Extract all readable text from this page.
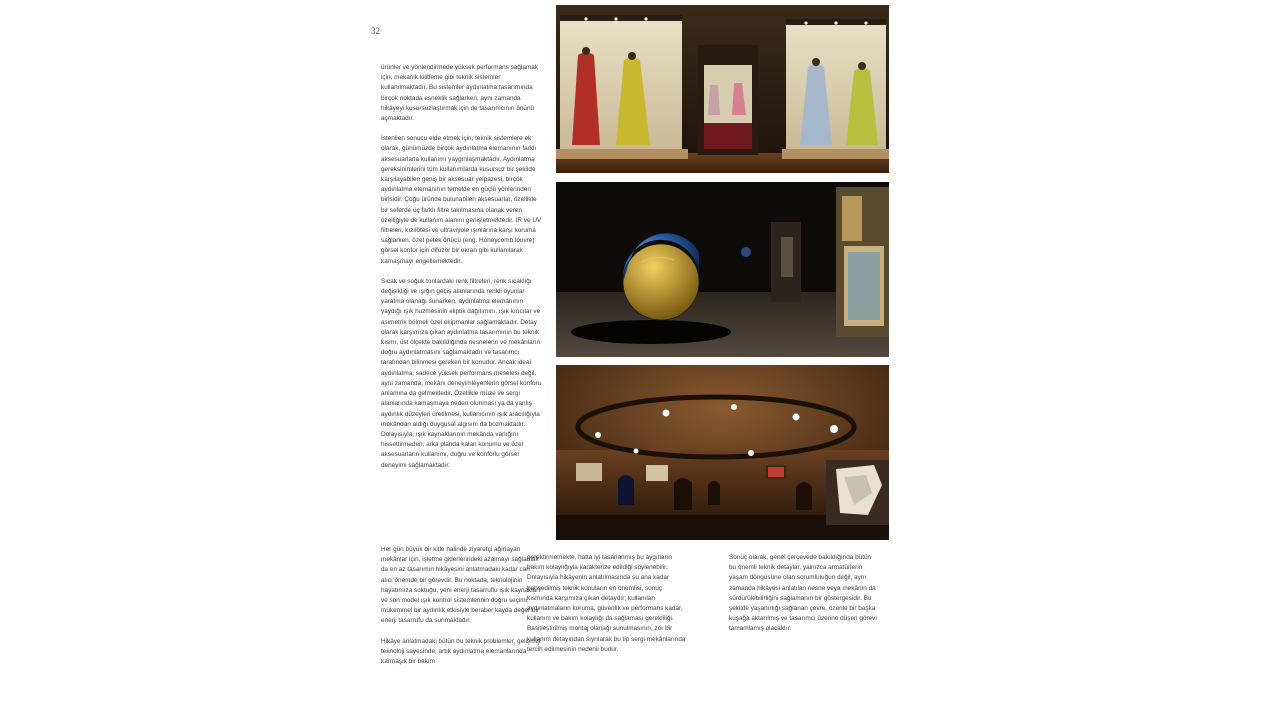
32

ürünler ve yönlendirmede yüksek performans sağlamak için, mekanik kilitleme gibi teknik sistemler kullanılmaktadır. Bu sistemler aydınlatma tasarımında birçok noktada esneklik sağlarken, aynı zamanda hikâyeyi kusursuzlaştırmak için de tasarımcının önünü açmaktadır.

İstenilen sonucu elde etmek için, teknik sistemlere ek olarak, günümüzde birçok aydınlatma elemanının farklı aksesuarlarla kullanımı yaygınlaşmaktadır. Aydınlatma gereksinimlerini tüm kullanımlarda kusursuz bir şekilde karşılayabilen geniş bir aksesuar yelpazesi, birçok aydınlatma elemanının temelde en güçlü yönlerinden birisidir. Çoğu üründe bulunabilen aksesuarlar, özellikle bir seferde üç farklı filtre takılmasına olanak veren özelliğiyle de kullanım alanını genişletmektedir. IR ve UV filtreleri, kızılötesi ve ultraviyole ışınlarına karşı koruma sağlarken, özel petek örtücü (eng. Honeycomb louvre) görsel konfor için difüzör bir ekran gibi kullanılarak kamaşmayı engellemektedir.

Sıcak ve soğuk tonlardaki renk filtreleri, renk sıcaklığı değişikliği ve ışığın geçiş alanlarında renkli oyunlar yaratma olanağı sunarken, aydınlatma elemanının yaydığı ışık huzmesinin eliptik dağılımını, ışık kırıcılar ve asimetrik bölmeli özel ekipmanlar sağlamaktadır. Detay olarak karşımıza çıkan aydınlatma tasarımının bu teknik kısmı, üst ölçekte bakıldığında nesnelerin ve mekânların doğru aydınlatmasını sağlamaktadır ve tasarımcı tarafından bilinmesi gereken bir konudur. Ancak ideal aydınlatma, sadece yüksek performans meselesi değil, aynı zamanda, mekânı deneyimleyenlerin görsel konforu anlamına da gelmektedir. Özellikle müze ve sergi alanlarında kamaşmaya neden olunması ya da yanlış aydınlık düzeyleri üretilmesi, kullanıcının ışık aracılığıyla mekândan aldığı duygusal algısını da bozmaktadır. Dolayısıyla, ışık kaynaklarının mekânda varlığını hissettirmeden, arka planda kalan konumu ve özel aksesuarların kullanımı, doğru ve konforlu görsel deneyimi sağlamaktadır.

Her gün büyük bir kitle halinde ziyaretçi ağırlayan mekânlar için, işletme giderlerindeki azalmayı sağlamak da en az tasarımın hikâyesini anlatmadaki kadar can alıcı önemde bir görevdir. Bu noktada, teknolojinin hayatımıza soktuğu, yeni enerji tasarruflu ışık kaynakları ve son model ışık kontrol sistemlerinin doğru seçimi, mükemmel bir aydınlık etkisiyle beraber kayda değer bir enerji tasarrufu da sunmaktadır.

Hikâye anlatmadaki bütün bu teknik problemler, gelişmiş teknoloji sayesinde, artık aydınlatma elemanlarında karmaşık bir bakım

gerektirmemekte, hatta iyi tasarlanmış bu aygıtların bakım kolaylığıyla karakterize edildiği söylenebilir. Dolayısıyla hikâyenin anlatılmasında şu ana kadar bahsedilmiş teknik konuların en önemlisi, sonuç kısmında karşımıza çıkan detaydır; kullanılan aydınlatmaların koruma, güvenlik ve performans kadar, kullanım ve bakım kolaylığı da sağlaması gerekliliği. Basitleştirilmiş montaj olanağı sunulmasının, zor bir kullanım detayından sıyrılarak bu tip sergi mekânlarında tercih edilmesinin nedenii budur.

Sonuç olarak, genel çerçevede bakıldığında bütün bu önemli teknik detaylar, yalnızca armatürlerin yaşam döngüsüne olan sorumluluğun değil, aynı zamanda hikâyesi anlatılan nesne veya mekânın da sürdürülebilirliğini sağlamanın bir göstergesidir. Bu şekilde yaşanırlığı sağlanan çevre, özenle bir başka kuşağa aktarılmış ve tasarımcı üzerine düşen görevi tamamlamış olacaktır.
